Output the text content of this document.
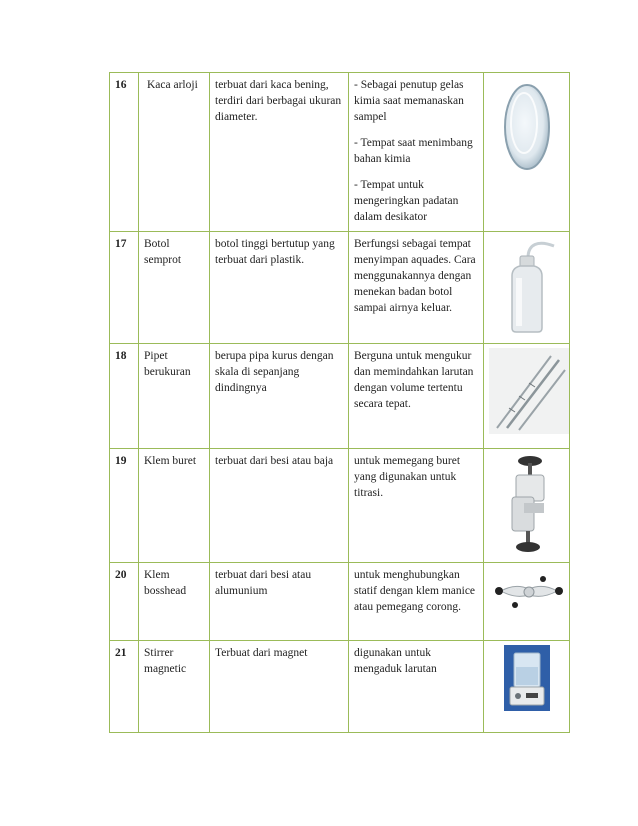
16	Kaca arloji	terbuat dari kaca bening, terdiri dari berbagai ukuran diameter.	- Sebagai penutup gelas kimia saat memanaskan sampel

- Tempat saat menimbang bahan kimia

- Tempat untuk mengeringkan padatan dalam desikator

17	Botol semprot	botol tinggi bertutup yang terbuat dari plastik.	Berfungsi sebagai tempat menyimpan aquades. Cara menggunakannya dengan menekan badan botol sampai airnya keluar.

18	Pipet berukuran	berupa pipa kurus dengan skala di sepanjang dindingnya	Berguna untuk mengukur dan memindahkan larutan dengan volume tertentu secara tepat.

19	Klem buret	terbuat dari besi atau baja	untuk memegang buret yang digunakan untuk titrasi.

20	Klem bosshead	terbuat dari besi atau alumunium	untuk menghubungkan statif dengan klem manice atau pemegang corong.

21	Stirrer magnetic	Terbuat dari magnet	digunakan untuk mengaduk larutan
